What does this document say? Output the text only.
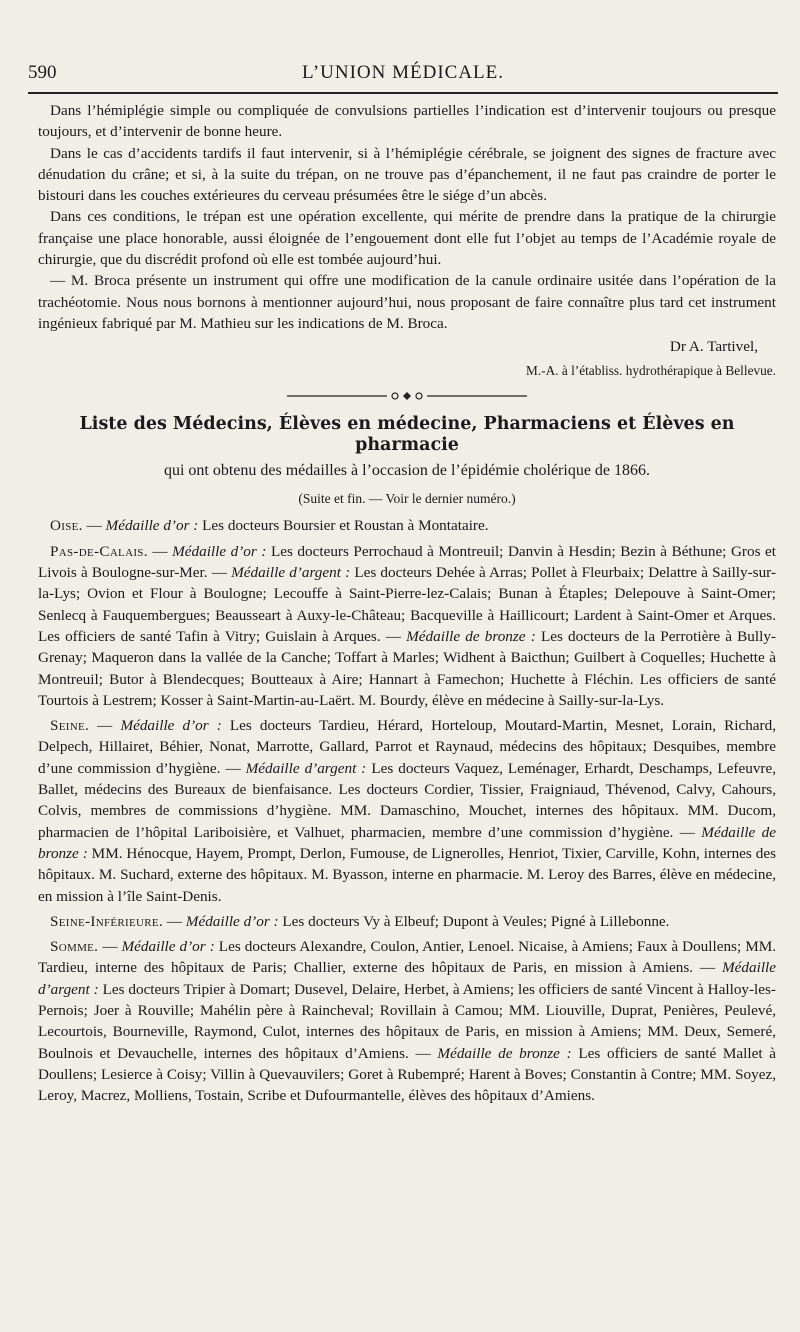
590	L’UNION MÉDICALE.

Dans l’hémiplégie simple ou compliquée de convulsions partielles l’indication est d’intervenir toujours ou presque toujours, et d’intervenir de bonne heure.

Dans le cas d’accidents tardifs il faut intervenir, si à l’hémiplégie cérébrale, se joignent des signes de fracture avec dénudation du crâne; et si, à la suite du trépan, on ne trouve pas d’épanchement, il ne faut pas craindre de porter le bistouri dans les couches extérieures du cerveau présumées être le siége d’un abcès.

Dans ces conditions, le trépan est une opération excellente, qui mérite de prendre dans la pratique de la chirurgie française une place honorable, aussi éloignée de l’engouement dont elle fut l’objet au temps de l’Académie royale de chirurgie, que du discrédit profond où elle est tombée aujourd’hui.

— M. Broca présente un instrument qui offre une modification de la canule ordinaire usitée dans l’opération de la trachéotomie. Nous nous bornons à mentionner aujourd’hui, nous proposant de faire connaître plus tard cet instrument ingénieux fabriqué par M. Mathieu sur les indications de M. Broca.

Dr A. Tartivel,
M.-A. à l’établiss. hydrothérapique à Bellevue.
Liste des Médecins, Élèves en médecine, Pharmaciens et Élèves en pharmacie
qui ont obtenu des médailles à l’occasion de l’épidémie cholérique de 1866.
(Suite et fin. — Voir le dernier numéro.)

Oise. — Médaille d’or : Les docteurs Boursier et Roustan à Montataire.

Pas-de-Calais. — Médaille d’or : Les docteurs Perrochaud à Montreuil; Danvin à Hesdin; Bezin à Béthune; Gros et Livois à Boulogne-sur-Mer. — Médaille d’argent : Les docteurs Dehée à Arras; Pollet à Fleurbaix; Delattre à Sailly-sur-la-Lys; Ovion et Flour à Boulogne; Lecouffe à Saint-Pierre-lez-Calais; Bunan à Étaples; Delepouve à Saint-Omer; Senlecq à Fauquembergues; Beausseart à Auxy-le-Château; Bacqueville à Haillicourt; Lardent à Saint-Omer et Arques. Les officiers de santé Tafin à Vitry; Guislain à Arques. — Médaille de bronze : Les docteurs de la Perrotière à Bully-Grenay; Maqueron dans la vallée de la Canche; Toffart à Marles; Widhent à Baicthun; Guilbert à Coquelles; Huchette à Montreuil; Butor à Blendecques; Boutteaux à Aire; Hannart à Famechon; Huchette à Fléchin. Les officiers de santé Tourtois à Lestrem; Kosser à Saint-Martin-au-Laërt. M. Bourdy, élève en médecine à Sailly-sur-la-Lys.

Seine. — Médaille d’or : Les docteurs Tardieu, Hérard, Horteloup, Moutard-Martin, Mesnet, Lorain, Richard, Delpech, Hillairet, Béhier, Nonat, Marrotte, Gallard, Parrot et Raynaud, médecins des hôpitaux; Desquibes, membre d’une commission d’hygiène. — Médaille d’argent : Les docteurs Vaquez, Leménager, Erhardt, Deschamps, Lefeuvre, Ballet, médecins des Bureaux de bienfaisance. Les docteurs Cordier, Tissier, Fraigniaud, Thévenod, Calvy, Cahours, Colvis, membres de commissions d’hygiène. MM. Damaschino, Mouchet, internes des hôpitaux. MM. Ducom, pharmacien de l’hôpital Lariboisière, et Valhuet, pharmacien, membre d’une commission d’hygiène. — Médaille de bronze : MM. Hénocque, Hayem, Prompt, Derlon, Fumouse, de Lignerolles, Henriot, Tixier, Carville, Kohn, internes des hôpitaux. M. Suchard, externe des hôpitaux. M. Byasson, interne en pharmacie. M. Leroy des Barres, élève en médecine, en mission à l’île Saint-Denis.

Seine-Inférieure. — Médaille d’or : Les docteurs Vy à Elbeuf; Dupont à Veules; Pigné à Lillebonne.

Somme. — Médaille d’or : Les docteurs Alexandre, Coulon, Antier, Lenoel. Nicaise, à Amiens; Faux à Doullens; MM. Tardieu, interne des hôpitaux de Paris; Challier, externe des hôpitaux de Paris, en mission à Amiens. — Médaille d’argent : Les docteurs Tripier à Domart; Dusevel, Delaire, Herbet, à Amiens; les officiers de santé Vincent à Halloy-les-Pernois; Joer à Rouville; Mahélin père à Raincheval; Rovillain à Camou; MM. Liouville, Duprat, Penières, Peulevé, Lecourtois, Bourneville, Raymond, Culot, internes des hôpitaux de Paris, en mission à Amiens; MM. Deux, Semeré, Boulnois et Devauchelle, internes des hôpitaux d’Amiens. — Médaille de bronze : Les officiers de santé Mallet à Doullens; Lesierce à Coisy; Villin à Quevauvilers; Goret à Rubempré; Harent à Boves; Constantin à Contre; MM. Soyez, Leroy, Macrez, Molliens, Tostain, Scribe et Dufourmantelle, élèves des hôpitaux d’Amiens.
